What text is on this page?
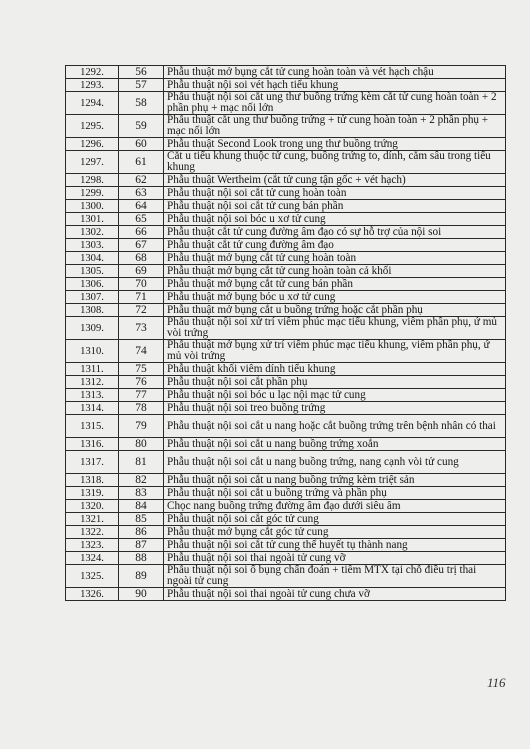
1292.	56	Phẫu thuật mở bụng cắt tử cung hoàn toàn và vét hạch chậu
1293.	57	Phẫu thuật nội soi vét hạch tiểu khung
1294.	58	Phẫu thuật nội soi cắt ung thư buồng trứng kèm cắt tử cung hoàn toàn + 2 phần phụ + mạc nối lớn
1295.	59	Phẫu thuật cắt ung thư buồng trứng + tử cung hoàn toàn + 2 phần phụ + mạc nối lớn
1296.	60	Phẫu thuật Second Look trong ung thư buồng trứng
1297.	61	Cắt u tiểu khung thuộc tử cung, buồng trứng to, dính, cắm sâu trong tiểu khung
1298.	62	Phẫu thuật Wertheim (cắt tử cung tận gốc + vét hạch)
1299.	63	Phẫu thuật nội soi cắt tử cung hoàn toàn
1300.	64	Phẫu thuật nội soi cắt tử cung bán phần
1301.	65	Phẫu thuật nội soi bóc u xơ tử cung
1302.	66	Phẫu thuật cắt tử cung đường âm đạo có sự hỗ trợ của nội soi
1303.	67	Phẫu thuật cắt tử cung đường âm đạo
1304.	68	Phẫu thuật mở bụng cắt tử cung hoàn toàn
1305.	69	Phẫu thuật mở bụng cắt tử cung hoàn toàn cả khối
1306.	70	Phẫu thuật mở bụng cắt tử cung bán phần
1307.	71	Phẫu thuật mở bụng bóc u xơ tử cung
1308.	72	Phẫu thuật mở bụng cắt u buồng trứng hoặc cắt phần phụ
1309.	73	Phẫu thuật nội soi xử trí viêm phúc mạc tiểu khung, viêm phần phụ, ứ mủ vòi trứng
1310.	74	Phẫu thuật mở bụng xử trí viêm phúc mạc tiểu khung, viêm phần phụ, ứ mủ vòi trứng
1311.	75	Phẫu thuật khối viêm dính tiểu khung
1312.	76	Phẫu thuật nội soi cắt phần phụ
1313.	77	Phẫu thuật nội soi bóc u lạc nội mạc tử cung
1314.	78	Phẫu thuật nội soi treo buồng trứng
1315.	79	Phẫu thuật nội soi cắt u nang hoặc cắt buồng trứng trên bệnh nhân có thai
1316.	80	Phẫu thuật nội soi cắt u nang buồng trứng xoắn
1317.	81	Phẫu thuật nội soi cắt u nang buồng trứng, nang cạnh vòi tử cung
1318.	82	Phẫu thuật nội soi cắt u nang buồng trứng kèm triệt sản
1319.	83	Phẫu thuật nội soi cắt u buồng trứng và phần phụ
1320.	84	Chọc nang buồng trứng đường âm đạo dưới siêu âm
1321.	85	Phẫu thuật nội soi cắt góc tử cung
1322.	86	Phẫu thuật mở bụng cắt góc tử cung
1323.	87	Phẫu thuật nội soi cắt tử cung thể huyết tụ thành nang
1324.	88	Phẫu thuật nội soi thai ngoài tử cung vỡ
1325.	89	Phẫu thuật nội soi ổ bụng chẩn đoán + tiêm MTX tại chỗ điều trị thai ngoài tử cung
1326.	90	Phẫu thuật nội soi thai ngoài tử cung chưa vỡ
116
